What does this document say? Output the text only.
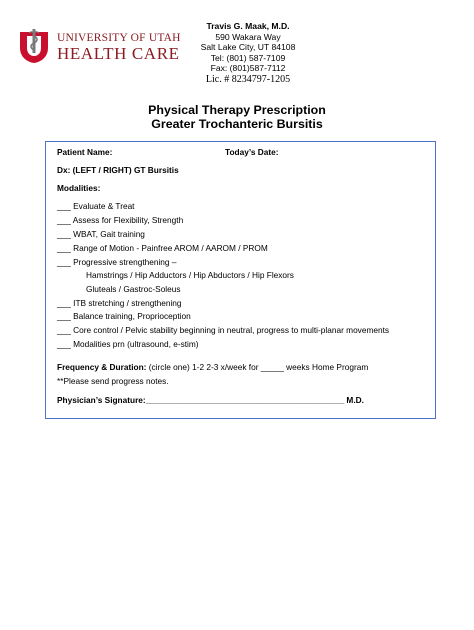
UNIVERSITY OF UTAH
HEALTH CARE
Travis G. Maak, M.D.
590 Wakara Way
Salt Lake City, UT 84108
Tel: (801) 587-7109
Fax: (801)587-7112
Lic. # 8234797-1205
Physical Therapy Prescription
Greater Trochanteric Bursitis
Patient Name:	Today’s Date:
Dx: (LEFT / RIGHT) GT Bursitis
Modalities:
___ Evaluate & Treat
___ Assess for Flexibility, Strength
___ WBAT, Gait training
___ Range of Motion - Painfree AROM / AAROM / PROM
___ Progressive strengthening –
Hamstrings / Hip Adductors / Hip Abductors / Hip Flexors
Gluteals / Gastroc-Soleus
___ ITB stretching / strengthening
___ Balance training, Proprioception
___ Core control / Pelvic stability beginning in neutral, progress to multi-planar movements
___ Modalities prn (ultrasound, e-stim)
Frequency & Duration: (circle one) 1-2 2-3 x/week for _____ weeks Home Program
**Please send progress notes.
Physician’s Signature:___________________________________________ M.D.
